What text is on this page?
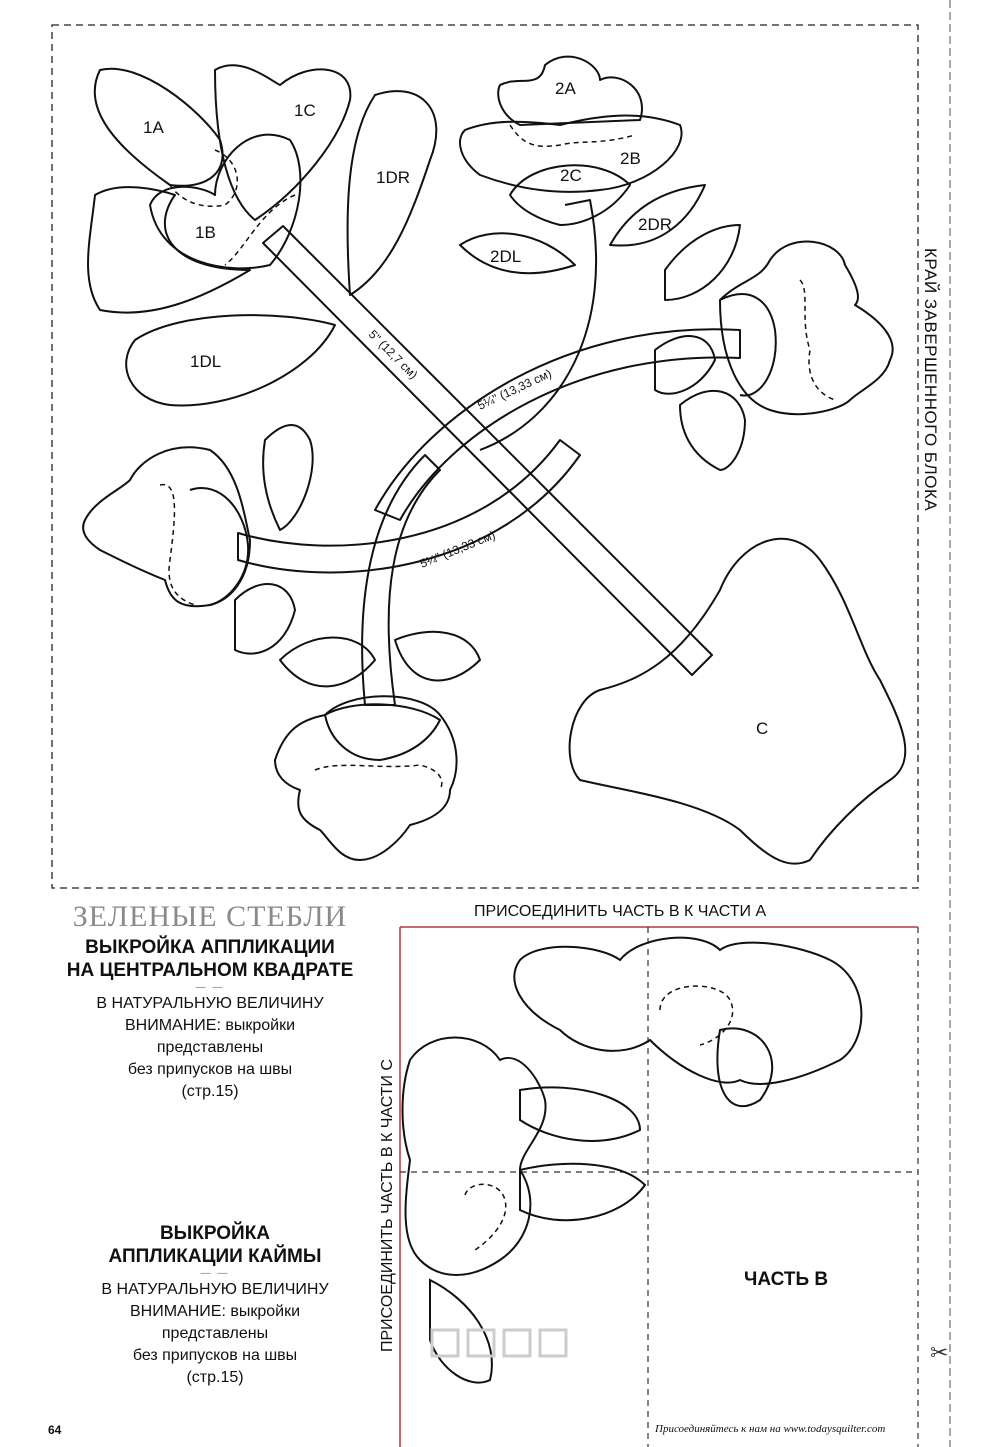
✂
1A
1C
1DR
1B
1DL
2A
2B
2C
2DR
2DL
C
5" (12,7 см)
5¼" (13,33 см)
5¼" (13,33 см)
КРАЙ ЗАВЕРШЕННОГО БЛОКА
ЗЕЛЕНЫЕ СТЕБЛИ
ВЫКРОЙКА АППЛИКАЦИИ
НА ЦЕНТРАЛЬНОМ КВАДРАТЕ
— —
В НАТУРАЛЬНУЮ ВЕЛИЧИНУ
ВНИМАНИЕ: выкройки
представлены
без припусков на швы
(стр.15)
ВЫКРОЙКА
АППЛИКАЦИИ КАЙМЫ
— —
В НАТУРАЛЬНУЮ ВЕЛИЧИНУ
ВНИМАНИЕ: выкройки
представлены
без припусков на швы
(стр.15)
ПРИСОЕДИНИТЬ ЧАСТЬ В К ЧАСТИ А
ПРИСОЕДИНИТЬ ЧАСТЬ В К ЧАСТИ С	ЧАСТЬ В
64	Присоединяйтесь к нам на www.todaysquilter.com
